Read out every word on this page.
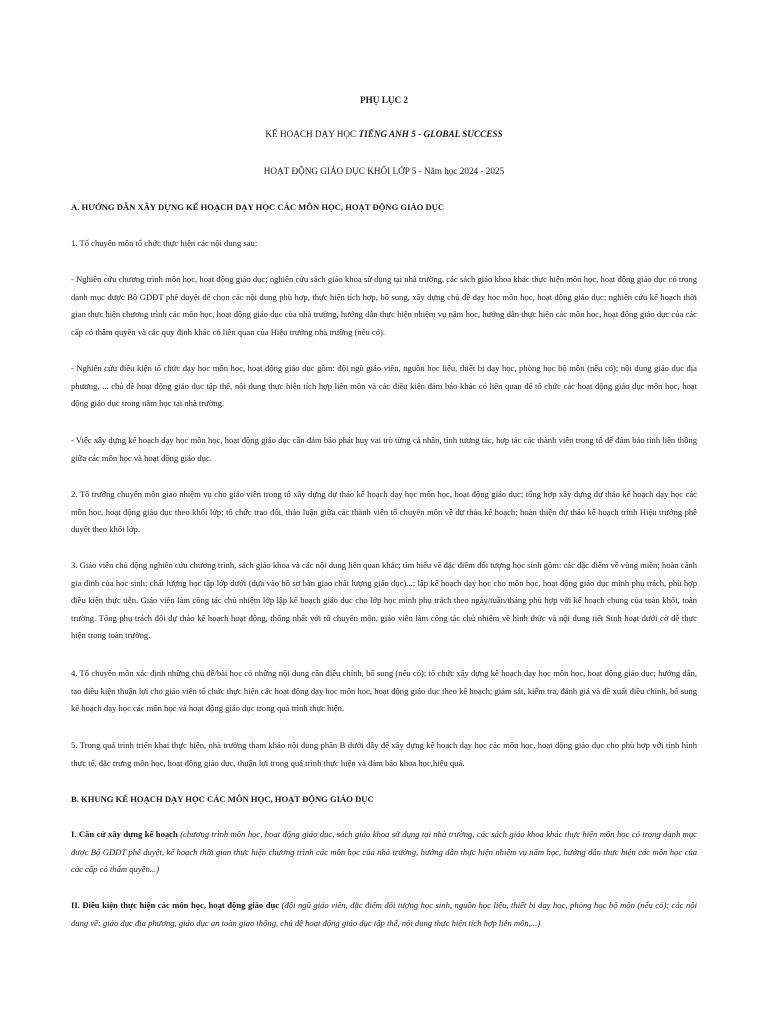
PHỤ LỤC 2
KẾ HOẠCH DẠY HỌC TIẾNG ANH 5 - GLOBAL SUCCESS
HOẠT ĐỘNG GIÁO DỤC KHỐI LỚP 5 - Năm học 2024 - 2025
A. HƯỚNG DẪN XÂY DỰNG KẾ HOẠCH DẠY HỌC CÁC MÔN HỌC, HOẠT ĐỘNG GIÁO DỤC
1. Tổ chuyên môn tổ chức thực hiện các nội dung sau:
- Nghiên cứu chương trình môn học, hoạt động giáo dục; nghiên cứu sách giáo khoa sử dụng tại nhà trường, các sách giáo khoa khác thực hiện môn học, hoạt động giáo dục có trong danh mục được Bộ GDĐT phê duyệt để chọn các nội dung phù hợp, thực hiện tích hợp, bổ sung, xây dựng chủ đề dạy học môn học, hoạt động giáo dục; nghiên cứu kế hoạch thời gian thực hiện chương trình các môn học, hoạt động giáo dục của nhà trường, hướng dẫn thực hiện nhiệm vụ năm học, hướng dẫn thực hiện các môn học, hoạt động giáo dục của các cấp có thẩm quyền và các quy định khác có liên quan của Hiệu trưởng nhà trường (nếu có).
- Nghiên cứu điều kiện tổ chức dạy học môn học, hoạt động giáo dục gồm: đội ngũ giáo viên, nguồn học liệu, thiết bị dạy học, phòng học bộ môn (nếu có); nội dung giáo dục địa phương, ... chủ đề hoạt động giáo dục tập thể, nội dung thực hiện tích hợp liên môn và các điều kiện đảm bảo khác có liên quan để tổ chức các hoạt động giáo dục môn học, hoạt động giáo dục trong năm học tại nhà trường.
- Việc xây dựng kế hoạch dạy học môn học, hoạt động giáo dục cần đảm bảo phát huy vai trò từng cá nhân, tính tương tác, hợp tác các thành viên trong tổ để đảm bảo tính liên thông giữa các môn học và hoạt động giáo dục.
2. Tổ trưởng chuyên môn giao nhiệm vụ cho giáo viên trong tổ xây dựng dự thảo kế hoạch dạy học môn học, hoạt động giáo dục; tổng hợp xây dựng dự thảo kế hoạch dạy học các môn học, hoạt động giáo dục theo khối lớp; tổ chức trao đổi, thảo luận giữa các thành viên tổ chuyên môn về dự thảo kế hoạch; hoàn thiện dự thảo kế hoạch trình Hiệu trưởng phê duyệt theo khối lớp.
3. Giáo viên chủ động nghiên cứu chương trình, sách giáo khoa và các nội dung liên quan khác; tìm hiểu về đặc điểm đối tượng học sinh gồm: các đặc điểm về vùng miền; hoàn cảnh gia đình của học sinh; chất lượng học tập lớp dưới (dựa vào hồ sơ bàn giao chất lượng giáo dục)...; lập kế hoạch dạy học cho môn học, hoạt động giáo dục mình phụ trách, phù hợp điều kiện thực tiễn. Giáo viên làm công tác chủ nhiệm lớp lập kế hoạch giáo dục cho lớp học mình phụ trách theo ngày/tuần/tháng phù hợp với kế hoạch chung của toàn khối, toàn trường. Tổng phụ trách đội dự thảo kế hoạch hoạt động, thống nhất với tổ chuyên môn, giáo viên làm công tác chủ nhiệm về hình thức và nội dung tiết Sinh hoạt dưới cờ để thực hiện trong toàn trường.
4. Tổ chuyên môn xác định những chủ đề/bài học có những nội dung cần điều chỉnh, bổ sung (nếu có); tổ chức xây dựng kế hoạch dạy học môn học, hoạt động giáo dục; hướng dẫn, tạo điều kiện thuận lợi cho giáo viên tổ chức thực hiện các hoạt động dạy học môn học, hoạt động giáo dục theo kế hoạch; giám sát, kiểm tra, đánh giá và đề xuất điều chỉnh, bổ sung kế hoạch dạy học các môn học và hoạt động giáo dục trong quá trình thực hiện.
5. Trong quá trình triển khai thực hiện, nhà trường tham khảo nội dung phần B dưới đây để xây dựng kế hoạch dạy học các môn học, hoạt động giáo dục cho phù hợp với tình hình thực tế, đặc trưng môn học, hoạt động giáo dục, thuận lợi trong quá trình thực hiện và đảm bảo khoa học,hiệu quả.
B. KHUNG KẾ HOẠCH DẠY HỌC CÁC MÔN HỌC, HOẠT ĐỘNG GIÁO DỤC
I. Căn cứ xây dựng kế hoạch (chương trình môn học, hoạt động giáo dục, sách giáo khoa sử dụng tại nhà trường, các sách giáo khoa khác thực hiện môn học có trong danh mục được Bộ GDĐT phê duyệt, kế hoạch thời gian thực hiện chương trình các môn học của nhà trường, hướng dẫn thực hiện nhiệm vụ năm học, hướng dẫn thực hiện các môn học của các cấp có thẩm quyền...)
II. Điều kiện thực hiện các môn học, hoạt động giáo dục (đội ngũ giáo viên, đặc điểm đối tượng học sinh, nguồn học liệu, thiết bị dạy học, phòng học bộ môn (nếu có); các nội dung về: giáo dục địa phương, giáo dục an toàn giao thông, chủ đề hoạt động giáo dục tập thể, nội dung thực hiện tích hợp liên môn,...)
